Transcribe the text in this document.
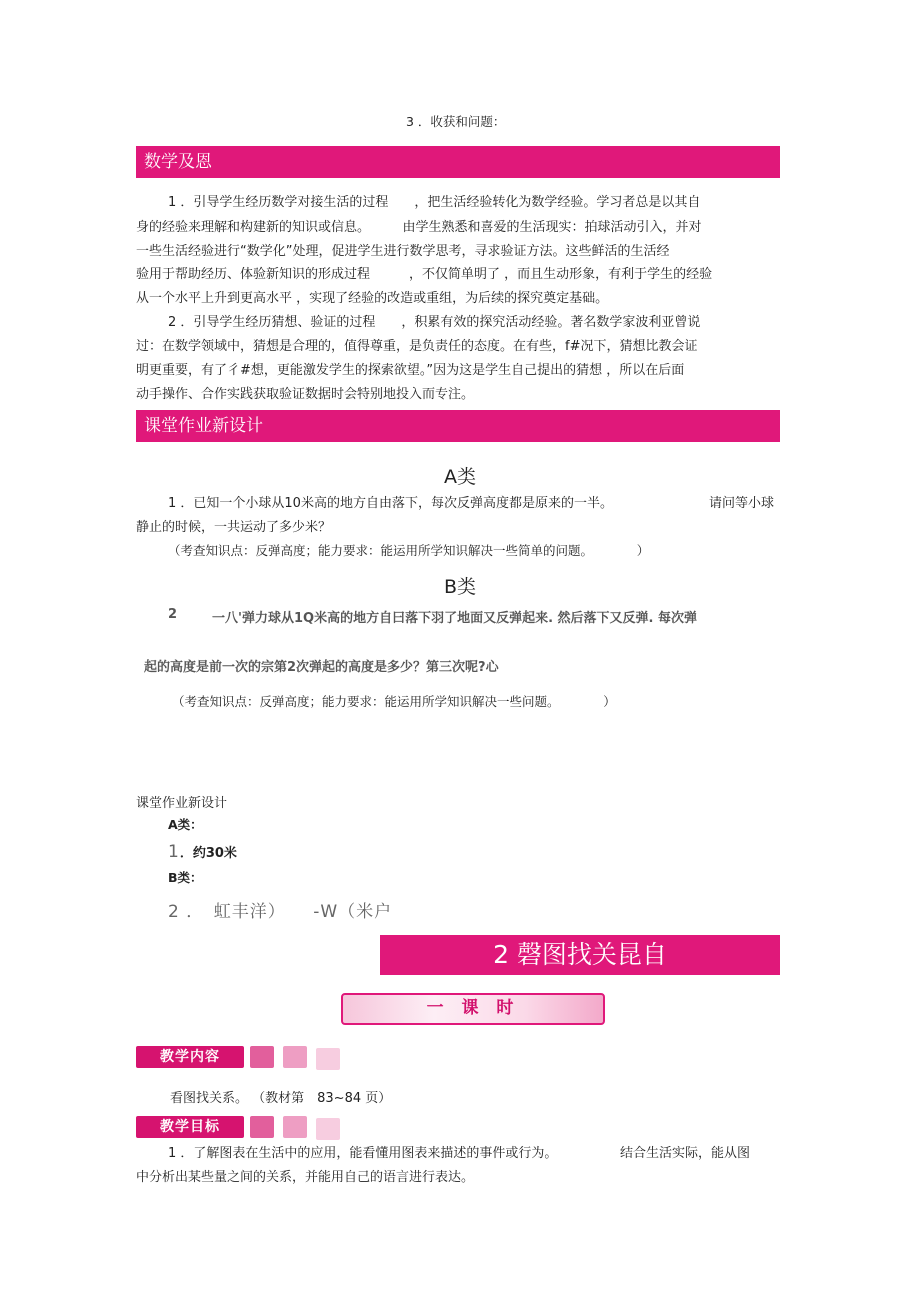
3 ．收获和问题：
数学及恩
1 ．引导学生经历数学对接生活的过程　　，把生活经验转化为数学经验。学习者总是以其自
身的经验来理解和构建新的知识或信息。　　　由学生熟悉和喜爱的生活现实：拍球活动引入，并对
一些生活经验进行“数学化”处理，促进学生进行数学思考，寻求验证方法。这些鲜活的生活经
验用于帮助经历、体验新知识的形成过程　　　，不仅简单明了 ，而且生动形象，有利于学生的经验
从一个水平上升到更高水平 ，实现了经验的改造或重组，为后续的探究奠定基础。
2 ．引导学生经历猜想、验证的过程　　，积累有效的探究活动经验。著名数学家波利亚曾说
过：在数学领域中，猜想是合理的，值得尊重，是负责任的态度。在有些，f#况下，猜想比教会证
明更重要，有了彳#想，更能激发学生的探索欲望。”因为这是学生自己提出的猜想 ，所以在后面
动手操作、合作实践获取验证数据时会特别地投入而专注。
课堂作业新设计
A类
1 ．已知一个小球从10米高的地方自由落下，每次反弹高度都是原来的一半。	请问等小球
静止的时候，一共运动了多少米？
（考查知识点：反弹高度；能力要求：能运用所学知识解决一些简单的问题。　　　　）
B类
2	一八'弹力球从1Q米高的地方自曰落下羽了地面又反弹起来. 然后落下又反弹. 每次弹
起的高度是前一次的宗第2次弹起的高度是多少？第三次呢?心
（考查知识点：反弹高度；能力要求：能运用所学知识解决一些问题。　　　　）
课堂作业新设计
A类：
1．约30米
B类：
2 ．　虹丰洋）　　-W（米户
2 磬图找关昆自
一 课 时
教学内容
看图找关系。 （教材第　83~84 页）
教学目标
1 ．了解图表在生活中的应用，能看懂用图表来描述的事件或行为。	结合生活实际，能从图
中分析出某些量之间的关系，并能用自己的语言进行表达。
